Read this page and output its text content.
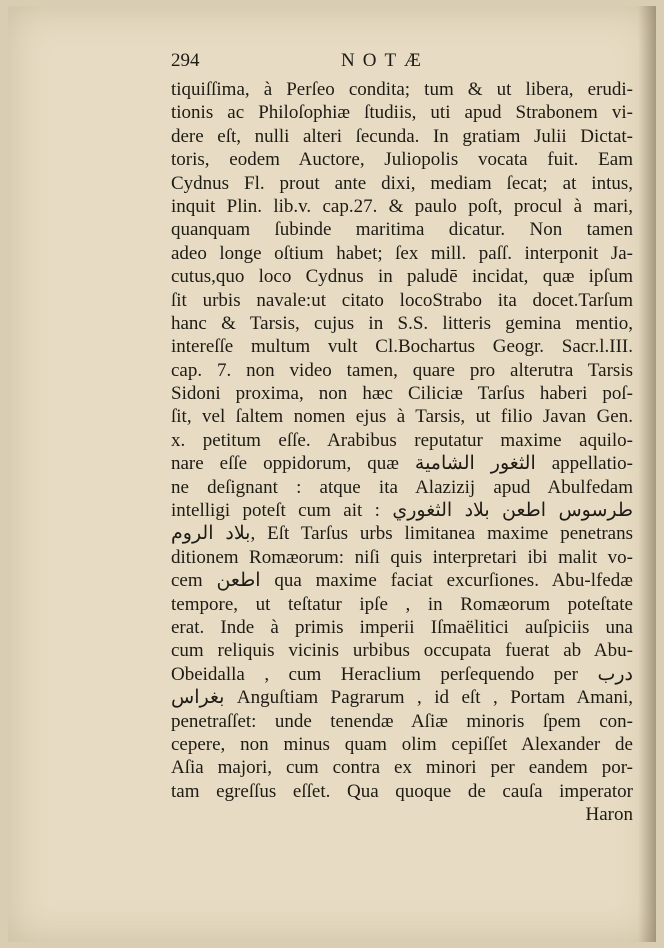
294	NOTÆ
tiquiſſima, à Perſeo condita; tum & ut libera, erudi-
tionis ac Philoſophiæ ſtudiis, uti apud Strabonem vi-
dere eſt, nulli alteri ſecunda. In gratiam Julii Dictat-
toris, eodem Auctore, Juliopolis vocata fuit. Eam
Cydnus Fl. prout ante dixi, mediam ſecat; at intus,
inquit Plin. lib.v. cap.27. & paulo poſt, procul à mari,
quanquam ſubinde maritima dicatur. Non tamen
adeo longe oſtium habet; ſex mill. paſſ. interponit Ja-
cutus,quo loco Cydnus in paludē incidat, quæ ipſum
ſit urbis navale:ut citato locoStrabo ita docet.Tarſum
hanc & Tarsis, cujus in S.S. litteris gemina mentio,
intereſſe multum vult Cl.Bochartus Geogr. Sacr.l.III.
cap. 7. non video tamen, quare pro alterutra Tarsis
Sidoni proxima, non hæc Ciliciæ Tarſus haberi poſ-
ſit, vel ſaltem nomen ejus à Tarsis, ut filio Javan Gen.
x. petitum eſſe. Arabibus reputatur maxime aquilo-
nare eſſe oppidorum, quæ الثغور الشامية appellatio-
ne deſignant : atque ita Alazizij apud Abulfedam
intelligi poteſt cum ait : طرسوس اطعن بلاد الثغوري
بلاد الروم, Eſt Tarſus urbs limitanea maxime penetrans
ditionem Romæorum: niſi quis interpretari ibi malit vo-
cem اطعن qua maxime faciat excurſiones. Abu-lfedæ
tempore, ut teſtatur ipſe , in Romæorum poteſtate
erat. Inde à primis imperii Iſmaëlitici auſpiciis una
cum reliquis vicinis urbibus occupata fuerat ab Abu-
Obeidalla , cum Heraclium perſequendo per درب
بغراس Anguſtiam Pagrarum , id eſt , Portam Amani,
penetraſſet: unde tenendæ Aſiæ minoris ſpem con-
cepere, non minus quam olim cepiſſet Alexander de
Aſia majori, cum contra ex minori per eandem por-
tam egreſſus eſſet. Qua quoque de cauſa imperator
Haron
